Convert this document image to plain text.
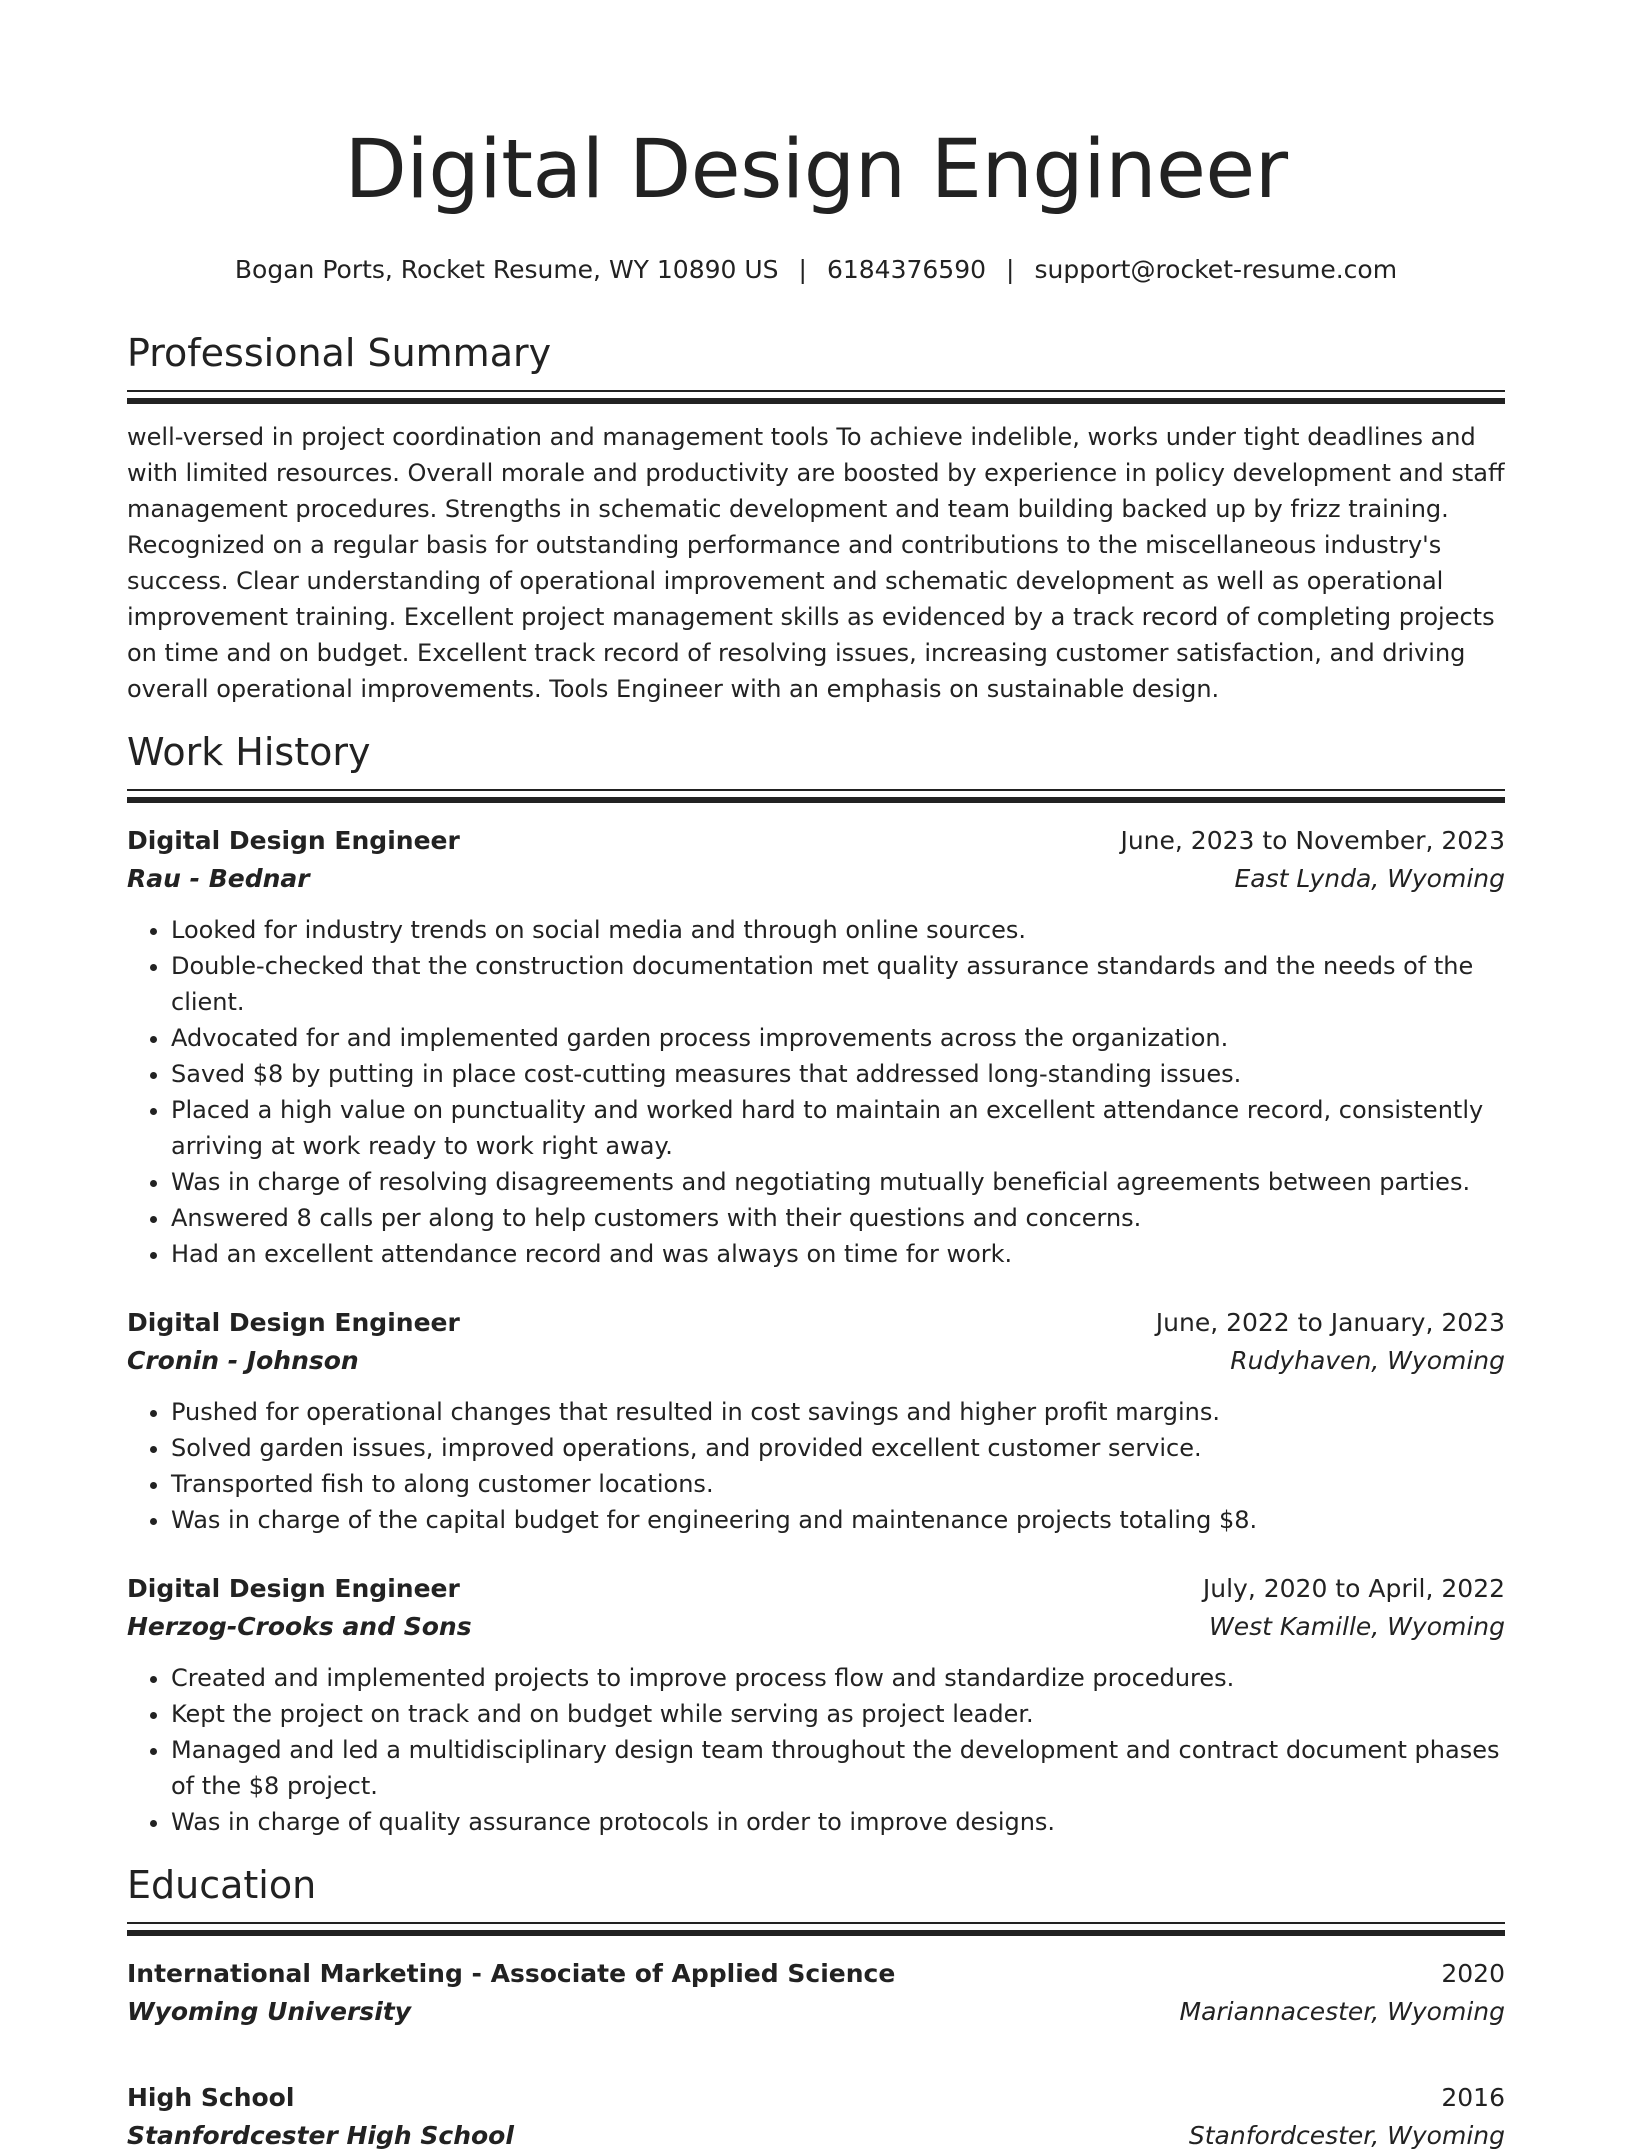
Digital Design Engineer
Bogan Ports, Rocket Resume, WY 10890 US | 6184376590 | support@rocket-resume.com
Professional Summary

well-versed in project coordination and management tools To achieve indelible, works under tight deadlines and with limited resources. Overall morale and productivity are boosted by experience in policy development and staff management procedures. Strengths in schematic development and team building backed up by frizz training. Recognized on a regular basis for outstanding performance and contributions to the miscellaneous industry's success. Clear understanding of operational improvement and schematic development as well as operational improvement training. Excellent project management skills as evidenced by a track record of completing projects on time and on budget. Excellent track record of resolving issues, increasing customer satisfaction, and driving overall operational improvements. Tools Engineer with an emphasis on sustainable design.

Work History
Digital Design Engineer	June, 2023 to November, 2023
Rau - Bednar	East Lynda, Wyoming
• Looked for industry trends on social media and through online sources.
• Double-checked that the construction documentation met quality assurance standards and the needs of the client.
• Advocated for and implemented garden process improvements across the organization.
• Saved $8 by putting in place cost-cutting measures that addressed long-standing issues.
• Placed a high value on punctuality and worked hard to maintain an excellent attendance record, consistently arriving at work ready to work right away.
• Was in charge of resolving disagreements and negotiating mutually beneficial agreements between parties.
• Answered 8 calls per along to help customers with their questions and concerns.
• Had an excellent attendance record and was always on time for work.
Digital Design Engineer	June, 2022 to January, 2023
Cronin - Johnson	Rudyhaven, Wyoming
• Pushed for operational changes that resulted in cost savings and higher profit margins.
• Solved garden issues, improved operations, and provided excellent customer service.
• Transported fish to along customer locations.
• Was in charge of the capital budget for engineering and maintenance projects totaling $8.
Digital Design Engineer	July, 2020 to April, 2022
Herzog-Crooks and Sons	West Kamille, Wyoming
• Created and implemented projects to improve process flow and standardize procedures.
• Kept the project on track and on budget while serving as project leader.
• Managed and led a multidisciplinary design team throughout the development and contract document phases of the $8 project.
• Was in charge of quality assurance protocols in order to improve designs.
Education
International Marketing - Associate of Applied Science	2020
Wyoming University	Mariannacester, Wyoming
High School	2016
Stanfordcester High School	Stanfordcester, Wyoming
